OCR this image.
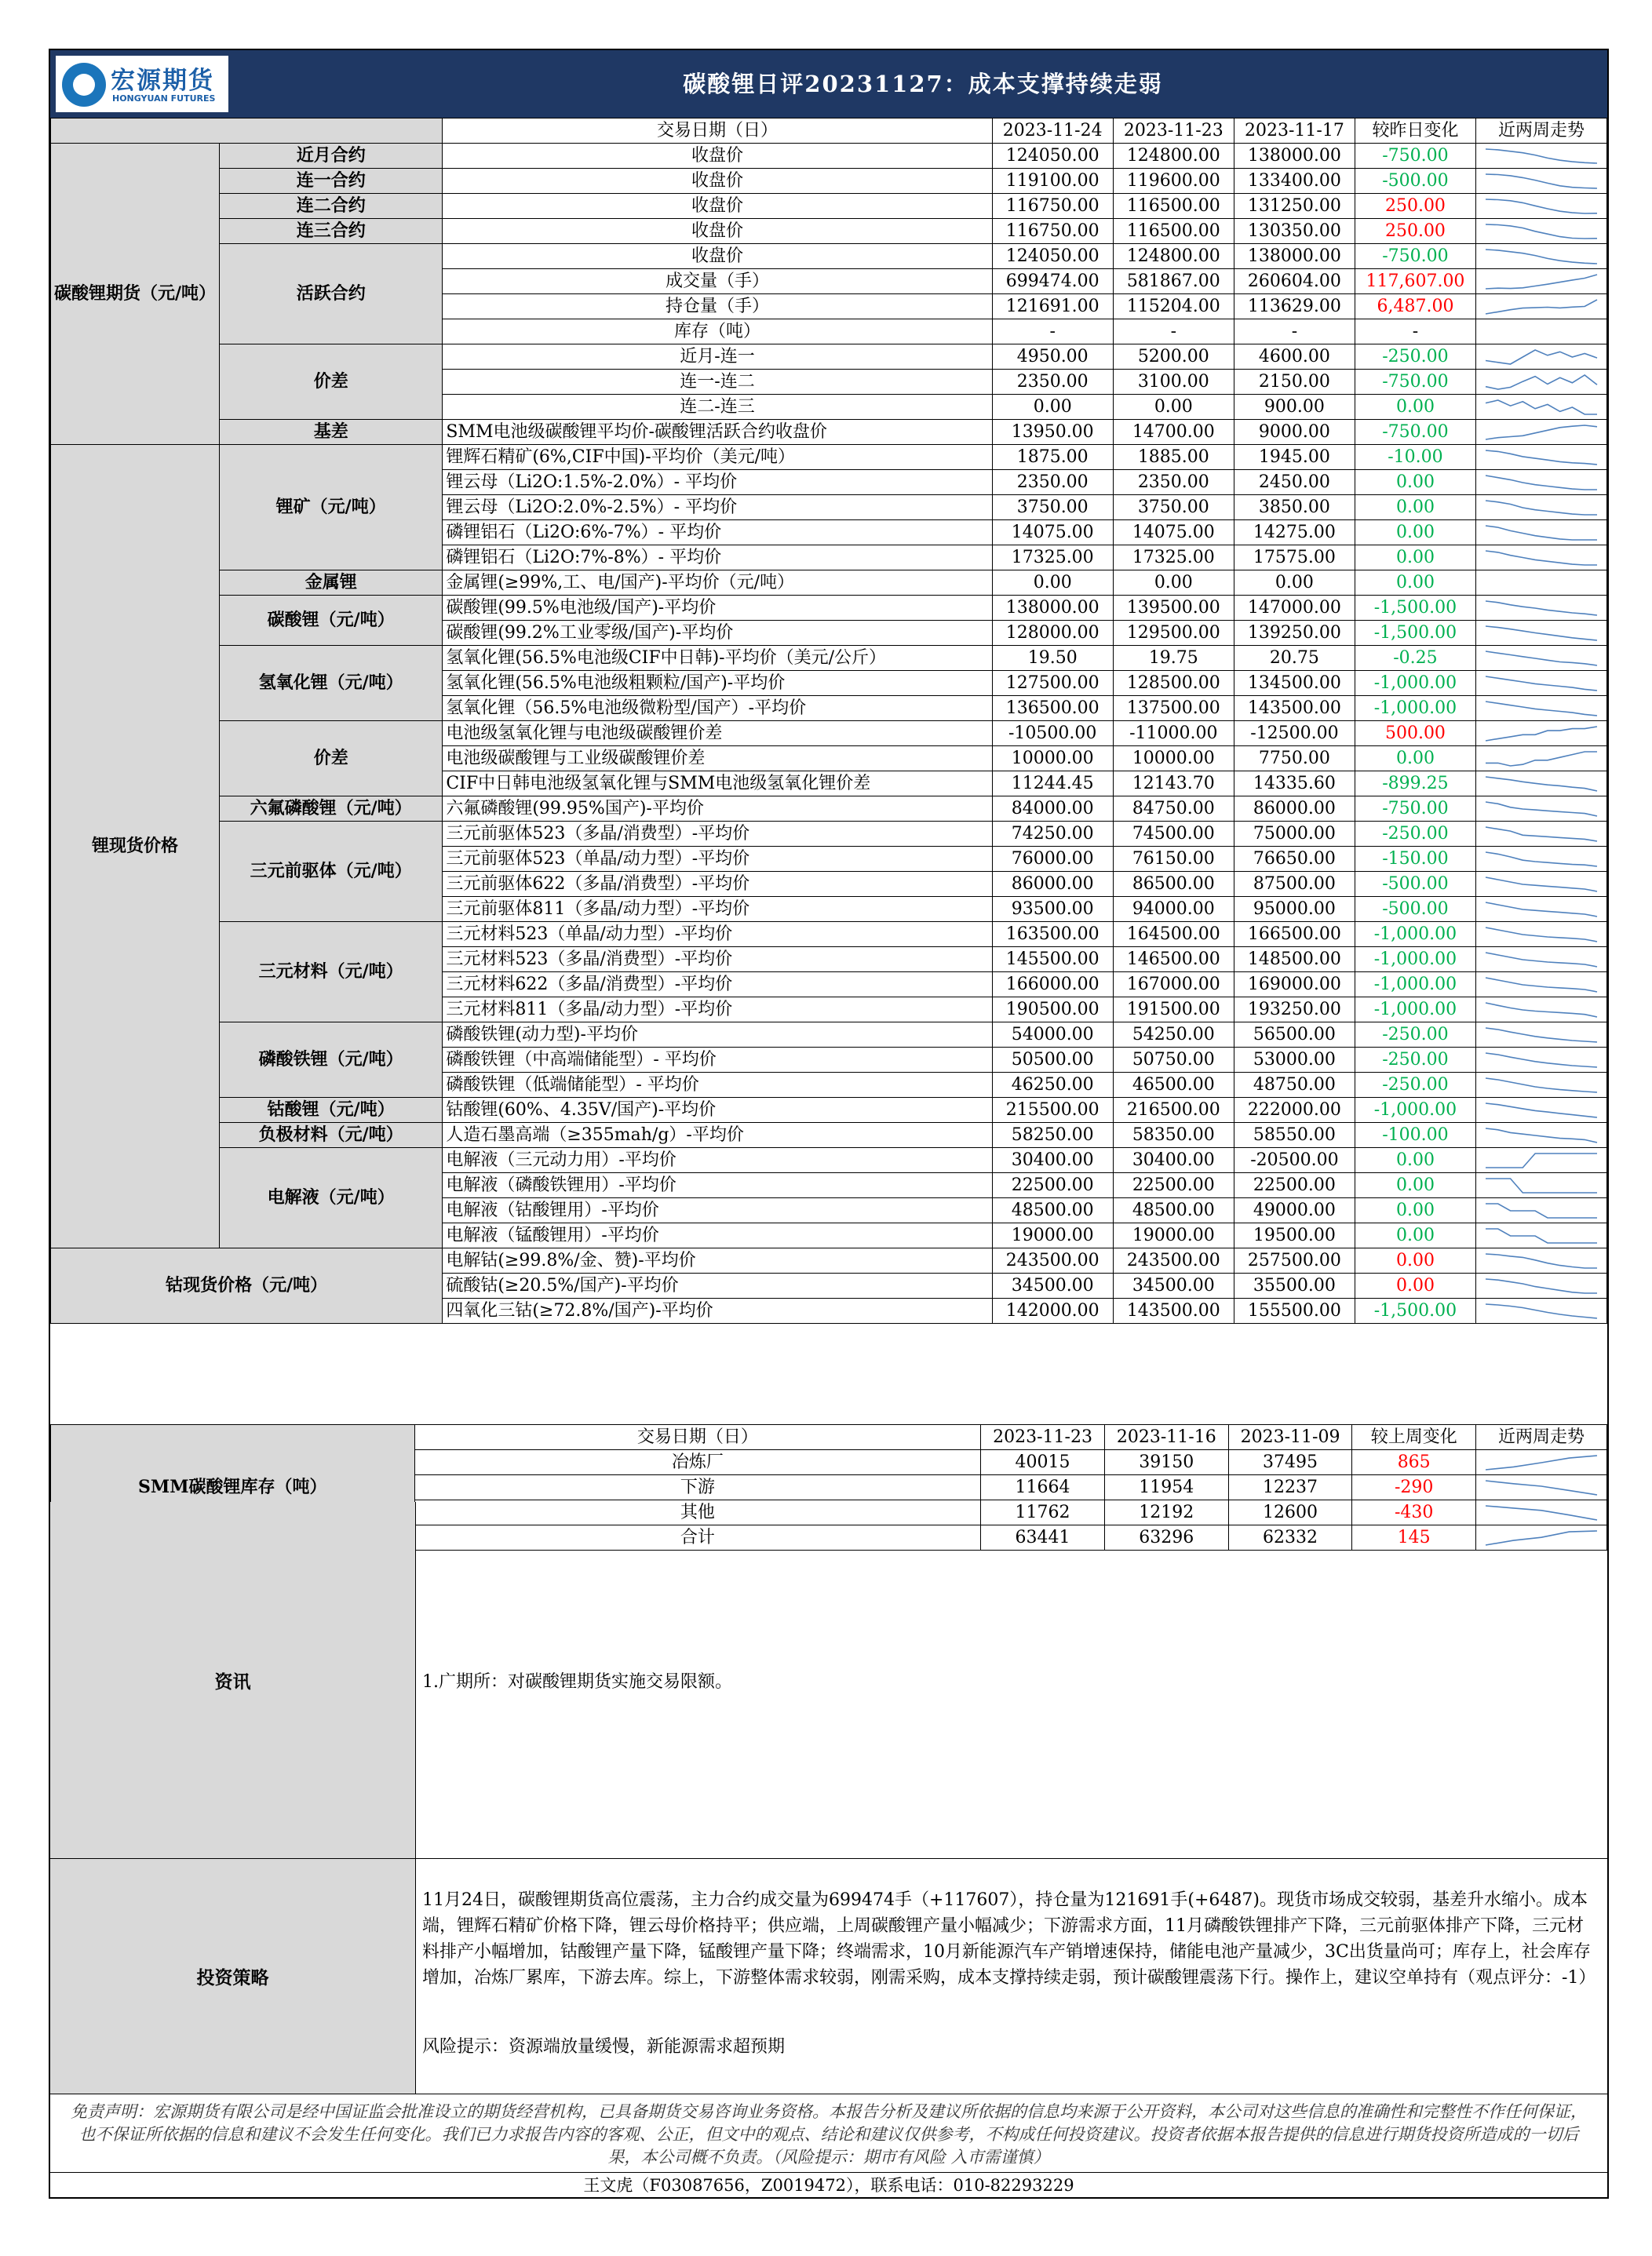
宏源期货
HONGYUAN FUTURES
碳酸锂日评20231127：成本支撑持续走弱
		交易日期（日）	2023-11-24	2023-11-23	2023-11-17	较昨日变化	近两周走势
碳酸锂期货（元/吨）	近月合约	收盘价	124050.00	124800.00	138000.00	-750.00	

	连一合约	收盘价	119100.00	119600.00	133400.00	-500.00	

	连二合约	收盘价	116750.00	116500.00	131250.00	250.00	

	连三合约	收盘价	116750.00	116500.00	130350.00	250.00	

	活跃合约	收盘价	124050.00	124800.00	138000.00	-750.00	

		成交量（手）	699474.00	581867.00	260604.00	117,607.00	

		持仓量（手）	121691.00	115204.00	113629.00	6,487.00	

		库存（吨）	-	-	-	-	
	价差	近月-连一	4950.00	5200.00	4600.00	-250.00	

		连一-连二	2350.00	3100.00	2150.00	-750.00	

		连二-连三	0.00	0.00	900.00	0.00	

	基差	SMM电池级碳酸锂平均价-碳酸锂活跃合约收盘价	13950.00	14700.00	9000.00	-750.00	

锂现货价格	锂矿（元/吨）	锂辉石精矿(6%,CIF中国)-平均价（美元/吨）	1875.00	1885.00	1945.00	-10.00	

		锂云母（Li2O:1.5%-2.0%）- 平均价	2350.00	2350.00	2450.00	0.00	

		锂云母（Li2O:2.0%-2.5%）- 平均价	3750.00	3750.00	3850.00	0.00	

		磷锂铝石（Li2O:6%-7%）- 平均价	14075.00	14075.00	14275.00	0.00	

		磷锂铝石（Li2O:7%-8%）- 平均价	17325.00	17325.00	17575.00	0.00	

	金属锂	金属锂(≥99%,工、电/国产)-平均价（元/吨）	0.00	0.00	0.00	0.00	
	碳酸锂（元/吨）	碳酸锂(99.5%电池级/国产)-平均价	138000.00	139500.00	147000.00	-1,500.00	

		碳酸锂(99.2%工业零级/国产)-平均价	128000.00	129500.00	139250.00	-1,500.00	

	氢氧化锂（元/吨）	氢氧化锂(56.5%电池级CIF中日韩)-平均价（美元/公斤）	19.50	19.75	20.75	-0.25	

		氢氧化锂(56.5%电池级粗颗粒/国产)-平均价	127500.00	128500.00	134500.00	-1,000.00	

		氢氧化锂（56.5%电池级微粉型/国产）-平均价	136500.00	137500.00	143500.00	-1,000.00	

	价差	电池级氢氧化锂与电池级碳酸锂价差	-10500.00	-11000.00	-12500.00	500.00	

		电池级碳酸锂与工业级碳酸锂价差	10000.00	10000.00	7750.00	0.00	

		CIF中日韩电池级氢氧化锂与SMM电池级氢氧化锂价差	11244.45	12143.70	14335.60	-899.25	

	六氟磷酸锂（元/吨）	六氟磷酸锂(99.95%国产)-平均价	84000.00	84750.00	86000.00	-750.00	

	三元前驱体（元/吨）	三元前驱体523（多晶/消费型）-平均价	74250.00	74500.00	75000.00	-250.00	

		三元前驱体523（单晶/动力型）-平均价	76000.00	76150.00	76650.00	-150.00	

		三元前驱体622（多晶/消费型）-平均价	86000.00	86500.00	87500.00	-500.00	

		三元前驱体811（多晶/动力型）-平均价	93500.00	94000.00	95000.00	-500.00	

	三元材料（元/吨）	三元材料523（单晶/动力型）-平均价	163500.00	164500.00	166500.00	-1,000.00	

		三元材料523（多晶/消费型）-平均价	145500.00	146500.00	148500.00	-1,000.00	

		三元材料622（多晶/消费型）-平均价	166000.00	167000.00	169000.00	-1,000.00	

		三元材料811（多晶/动力型）-平均价	190500.00	191500.00	193250.00	-1,000.00	

	磷酸铁锂（元/吨）	磷酸铁锂(动力型)-平均价	54000.00	54250.00	56500.00	-250.00	

		磷酸铁锂（中高端储能型）- 平均价	50500.00	50750.00	53000.00	-250.00	

		磷酸铁锂（低端储能型）- 平均价	46250.00	46500.00	48750.00	-250.00	

	钴酸锂（元/吨）	钴酸锂(60%、4.35V/国产)-平均价	215500.00	216500.00	222000.00	-1,000.00	

	负极材料（元/吨）	人造石墨高端（≥355mah/g）-平均价	58250.00	58350.00	58550.00	-100.00	

	电解液（元/吨）	电解液（三元动力用）-平均价	30400.00	30400.00	-20500.00	0.00	

		电解液（磷酸铁锂用）-平均价	22500.00	22500.00	22500.00	0.00	

		电解液（钴酸锂用）-平均价	48500.00	48500.00	49000.00	0.00	

		电解液（锰酸锂用）-平均价	19000.00	19000.00	19500.00	0.00	

钴现货价格（元/吨）		电解钴(≥99.8%/金、赞)-平均价	243500.00	243500.00	257500.00	0.00	

		硫酸钴(≥20.5%/国产)-平均价	34500.00	34500.00	35500.00	0.00	

		四氧化三钴(≥72.8%/国产)-平均价	142000.00	143500.00	155500.00	-1,500.00	
SMM碳酸锂库存（吨）	交易日期（日）	2023-11-23	2023-11-16	2023-11-09	较上周变化	近两周走势
	冶炼厂	40015	39150	37495	865	

	下游	11664	11954	12237	-290	

	其他	11762	12192	12600	-430	

	合计	63441	63296	62332	145	
资讯	1.广期所：对碳酸锂期货实施交易限额。
投资策略
11月24日，碳酸锂期货高位震荡，主力合约成交量为699474手（+117607），持仓量为121691手(+6487)。现货市场成交较弱，基差升水缩小。成本端，锂辉石精矿价格下降，锂云母价格持平；供应端，上周碳酸锂产量小幅减少；下游需求方面，11月磷酸铁锂排产下降，三元前驱体排产下降，三元材料排产小幅增加，钴酸锂产量下降，锰酸锂产量下降；终端需求，10月新能源汽车产销增速保持，储能电池产量减少，3C出货量尚可；库存上，社会库存增加，冶炼厂累库，下游去库。综上，下游整体需求较弱，刚需采购，成本支撑持续走弱，预计碳酸锂震荡下行。操作上，建议空单持有（观点评分：-1）
风险提示：资源端放量缓慢，新能源需求超预期
免责声明：宏源期货有限公司是经中国证监会批准设立的期货经营机构，已具备期货交易咨询业务资格。本报告分析及建议所依据的信息均来源于公开资料，本公司对这些信息的准确性和完整性不作任何保证，也不保证所依据的信息和建议不会发生任何变化。我们已力求报告内容的客观、公正，但文中的观点、结论和建议仅供参考，不构成任何投资建议。投资者依据本报告提供的信息进行期货投资所造成的一切后果，本公司概不负责。（风险提示：期市有风险 入市需谨慎）
王文虎（F03087656，Z0019472），联系电话：010-82293229
